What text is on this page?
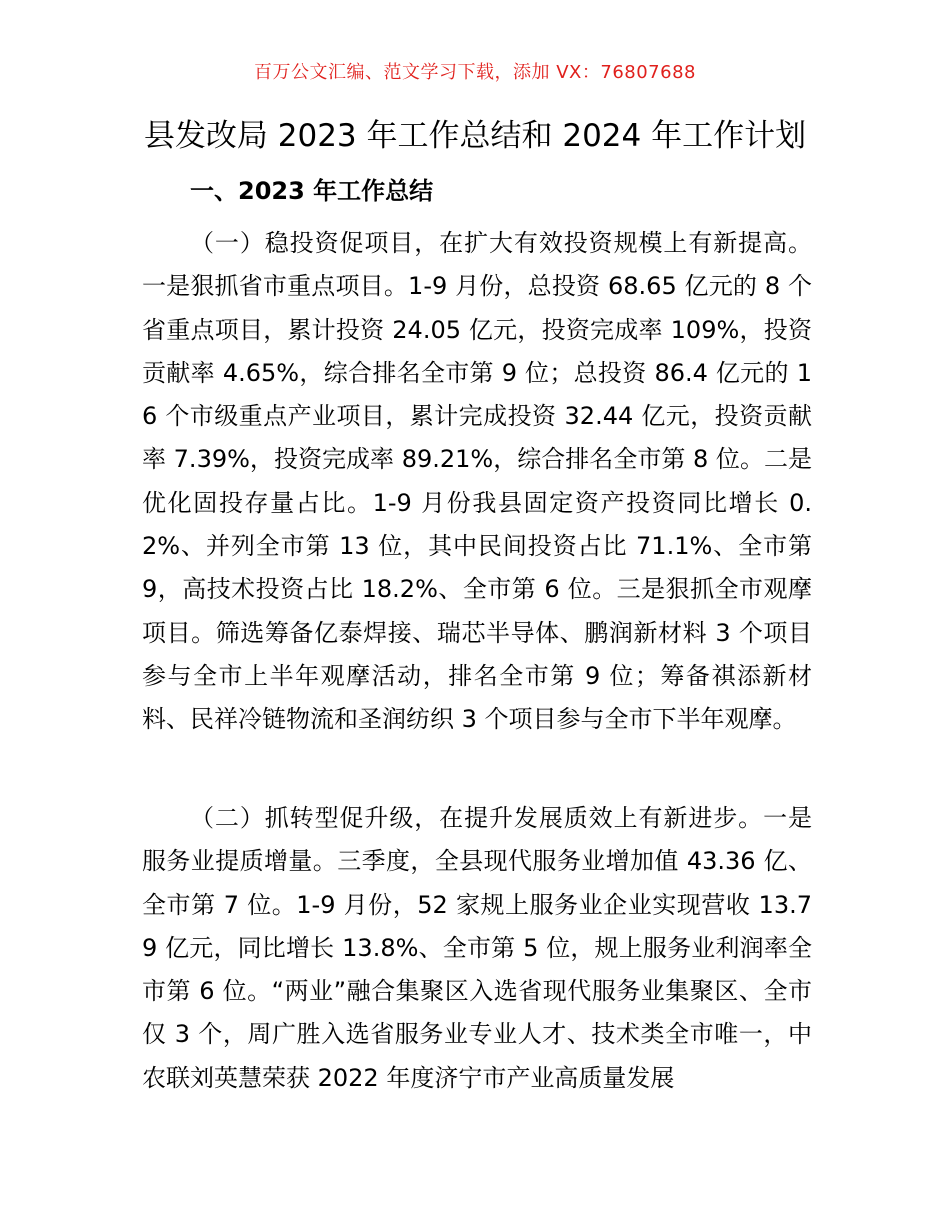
百万公文汇编、范文学习下载，添加 VX：76807688
县发改局 2023 年工作总结和 2024 年工作计划
一、2023 年工作总结

（一）稳投资促项目，在扩大有效投资规模上有新提高。一是狠抓省市重点项目。1-9 月份，总投资 68.65 亿元的 8 个省重点项目，累计投资 24.05 亿元，投资完成率 109%，投资贡献率 4.65%，综合排名全市第 9 位；总投资 86.4 亿元的 16 个市级重点产业项目，累计完成投资 32.44 亿元，投资贡献率 7.39%，投资完成率 89.21%，综合排名全市第 8 位。二是优化固投存量占比。1-9 月份我县固定资产投资同比增长 0.2%、并列全市第 13 位，其中民间投资占比 71.1%、全市第 9，高技术投资占比 18.2%、全市第 6 位。三是狠抓全市观摩项目。筛选筹备亿泰焊接、瑞芯半导体、鹏润新材料 3 个项目参与全市上半年观摩活动，排名全市第 9 位；筹备祺添新材料、民祥冷链物流和圣润纺织 3 个项目参与全市下半年观摩。

（二）抓转型促升级，在提升发展质效上有新进步。一是服务业提质增量。三季度，全县现代服务业增加值 43.36 亿、全市第 7 位。1-9 月份，52 家规上服务业企业实现营收 13.79 亿元，同比增长 13.8%、全市第 5 位，规上服务业利润率全市第 6 位。“两业”融合集聚区入选省现代服务业集聚区、全市仅 3 个，周广胜入选省服务业专业人才、技术类全市唯一，中农联刘英慧荣获 2022 年度济宁市产业高质量发展
